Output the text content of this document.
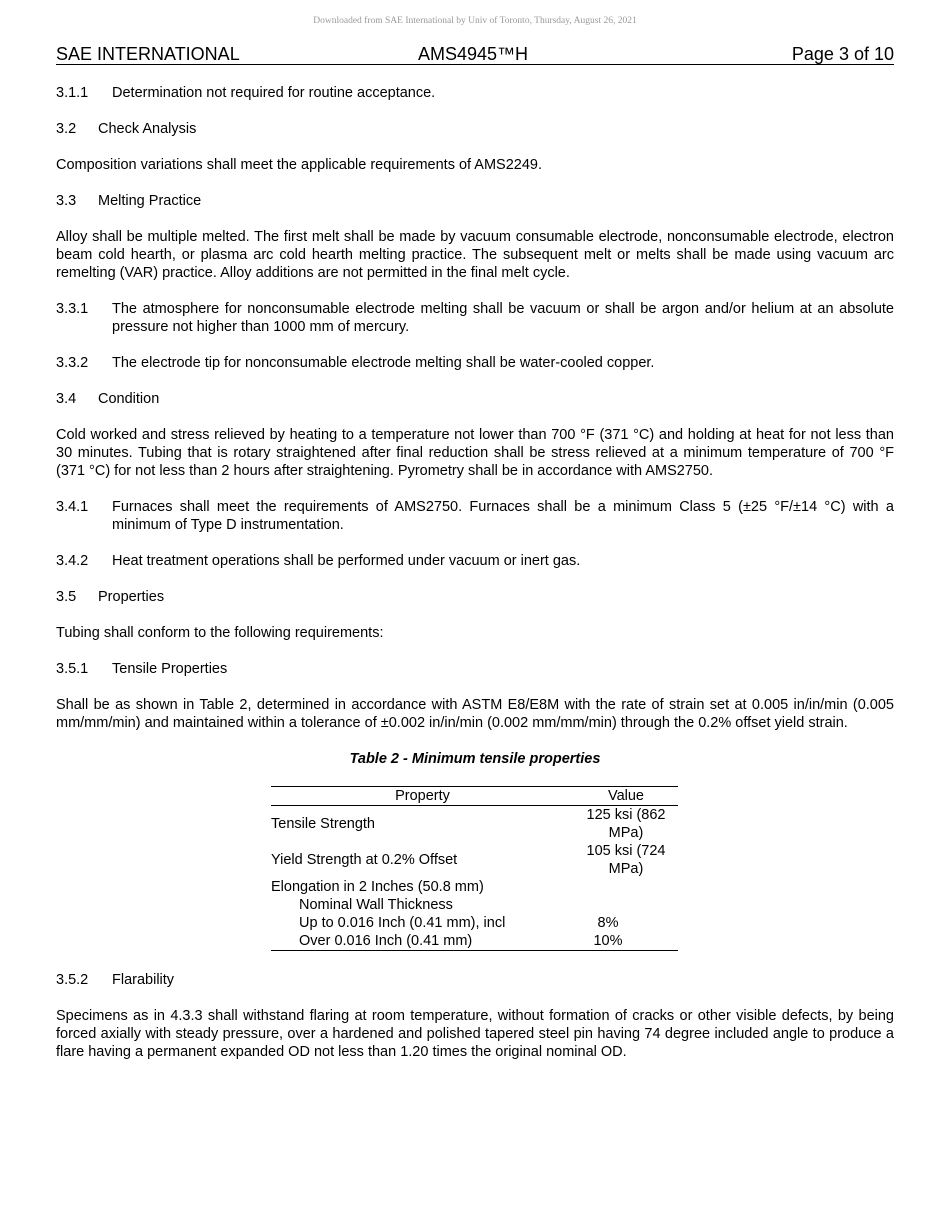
Downloaded from SAE International by Univ of Toronto, Thursday, August 26, 2021
SAE INTERNATIONAL	AMS4945™H	Page 3 of 10
3.1.1 Determination not required for routine acceptance.
3.2 Check Analysis

Composition variations shall meet the applicable requirements of AMS2249.

3.3 Melting Practice

Alloy shall be multiple melted. The first melt shall be made by vacuum consumable electrode, nonconsumable electrode, electron beam cold hearth, or plasma arc cold hearth melting practice. The subsequent melt or melts shall be made using vacuum arc remelting (VAR) practice. Alloy additions are not permitted in the final melt cycle.

3.3.1 The atmosphere for nonconsumable electrode melting shall be vacuum or shall be argon and/or helium at an absolute pressure not higher than 1000 mm of mercury.
3.3.2 The electrode tip for nonconsumable electrode melting shall be water-cooled copper.
3.4 Condition

Cold worked and stress relieved by heating to a temperature not lower than 700 °F (371 °C) and holding at heat for not less than 30 minutes. Tubing that is rotary straightened after final reduction shall be stress relieved at a minimum temperature of 700 °F (371 °C) for not less than 2 hours after straightening. Pyrometry shall be in accordance with AMS2750.

3.4.1 Furnaces shall meet the requirements of AMS2750. Furnaces shall be a minimum Class 5 (±25 °F/±14 °C) with a minimum of Type D instrumentation.
3.4.2 Heat treatment operations shall be performed under vacuum or inert gas.
3.5 Properties

Tubing shall conform to the following requirements:

3.5.1 Tensile Properties

Shall be as shown in Table 2, determined in accordance with ASTM E8/E8M with the rate of strain set at 0.005 in/in/min (0.005 mm/mm/min) and maintained within a tolerance of ±0.002 in/in/min (0.002 mm/mm/min) through the 0.2% offset yield strain.

Table 2 - Minimum tensile properties
Property	Value
Tensile Strength	125 ksi (862 MPa)
Yield Strength at 0.2% Offset	105 ksi (724 MPa)
Elongation in 2 Inches (50.8 mm)	
Nominal Wall Thickness	
Up to 0.016 Inch (0.41 mm), incl	8%
Over 0.016 Inch (0.41 mm)	10%
3.5.2 Flarability

Specimens as in 4.3.3 shall withstand flaring at room temperature, without formation of cracks or other visible defects, by being forced axially with steady pressure, over a hardened and polished tapered steel pin having 74 degree included angle to produce a flare having a permanent expanded OD not less than 1.20 times the original nominal OD.
